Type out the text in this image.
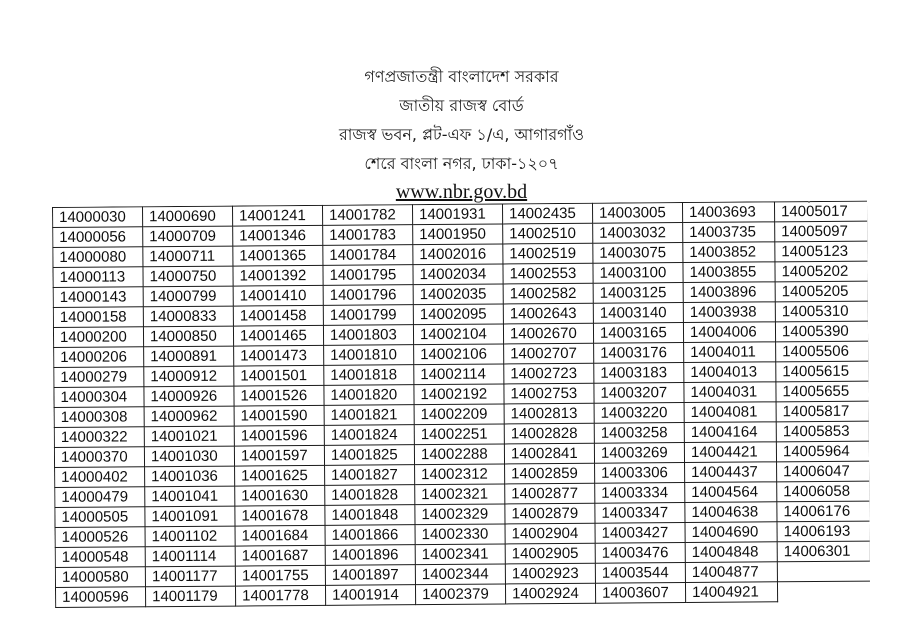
গণপ্রজাতন্ত্রী বাংলাদেশ সরকার
জাতীয় রাজস্ব বোর্ড
রাজস্ব ভবন, প্লট-এফ ১/এ, আগারগাঁও
শেরে বাংলা নগর, ঢাকা-১২০৭
www.nbr.gov.bd
14000030	14000690	14001241	14001782	14001931	14002435	14003005	14003693	14005017
14000056	14000709	14001346	14001783	14001950	14002510	14003032	14003735	14005097
14000080	14000711	14001365	14001784	14002016	14002519	14003075	14003852	14005123
14000113	14000750	14001392	14001795	14002034	14002553	14003100	14003855	14005202
14000143	14000799	14001410	14001796	14002035	14002582	14003125	14003896	14005205
14000158	14000833	14001458	14001799	14002095	14002643	14003140	14003938	14005310
14000200	14000850	14001465	14001803	14002104	14002670	14003165	14004006	14005390
14000206	14000891	14001473	14001810	14002106	14002707	14003176	14004011	14005506
14000279	14000912	14001501	14001818	14002114	14002723	14003183	14004013	14005615
14000304	14000926	14001526	14001820	14002192	14002753	14003207	14004031	14005655
14000308	14000962	14001590	14001821	14002209	14002813	14003220	14004081	14005817
14000322	14001021	14001596	14001824	14002251	14002828	14003258	14004164	14005853
14000370	14001030	14001597	14001825	14002288	14002841	14003269	14004421	14005964
14000402	14001036	14001625	14001827	14002312	14002859	14003306	14004437	14006047
14000479	14001041	14001630	14001828	14002321	14002877	14003334	14004564	14006058
14000505	14001091	14001678	14001848	14002329	14002879	14003347	14004638	14006176
14000526	14001102	14001684	14001866	14002330	14002904	14003427	14004690	14006193
14000548	14001114	14001687	14001896	14002341	14002905	14003476	14004848	14006301
14000580	14001177	14001755	14001897	14002344	14002923	14003544	14004877	
14000596	14001179	14001778	14001914	14002379	14002924	14003607	14004921	
